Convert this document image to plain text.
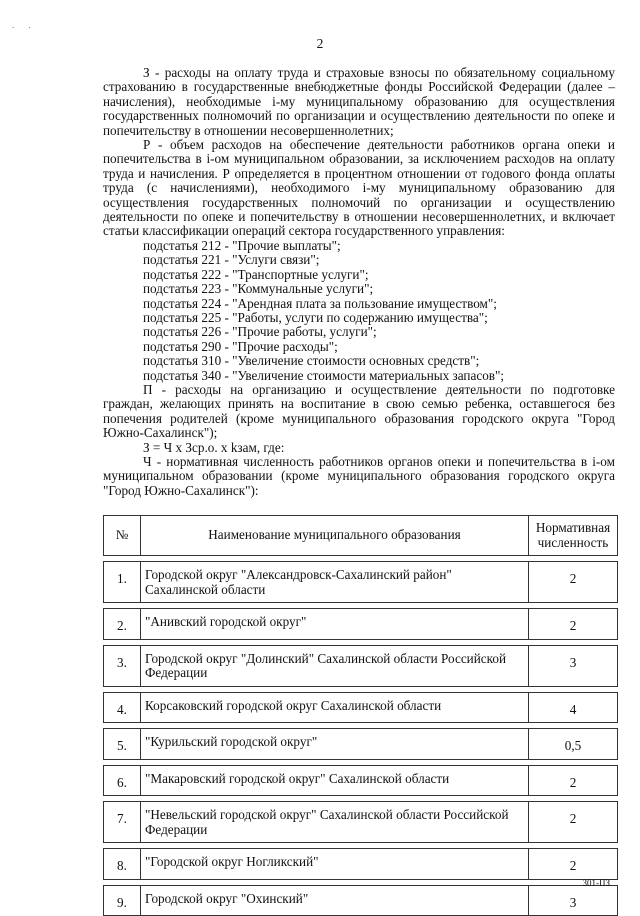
. .
2

З - расходы на оплату труда и страховые взносы по обязательному социальному страхованию в государственные внебюджетные фонды Российской Федерации (далее – начисления), необходимые i-му муниципальному образованию для осуществления государственных полномочий по организации и осуществлению деятельности по опеке и попечительству в отношении несовершеннолетних;

Р - объем расходов на обеспечение деятельности работников органа опеки и попечительства в i-ом муниципальном образовании, за исключением расходов на оплату труда и начисления. Р определяется в процентном отношении от годового фонда оплаты труда (с начислениями), необходимого i-му муниципальному образованию для осуществления государственных полномочий по организации и осуществлению деятельности по опеке и попечительству в отношении несовершеннолетних, и включает статьи классификации операций сектора государственного управления:

подстатья 212 - "Прочие выплаты";
подстатья 221 - "Услуги связи";
подстатья 222 - "Транспортные услуги";
подстатья 223 - "Коммунальные услуги";
подстатья 224 - "Арендная плата за пользование имуществом";
подстатья 225 - "Работы, услуги по содержанию имущества";
подстатья 226 - "Прочие работы, услуги";
подстатья 290 - "Прочие расходы";
подстатья 310 - "Увеличение стоимости основных средств";
подстатья 340 - "Увеличение стоимости материальных запасов";

П - расходы на организацию и осуществление деятельности по подготовке граждан, желающих принять на воспитание в свою семью ребенка, оставшегося без попечения родителей (кроме муниципального образования городского округа "Город Южно-Сахалинск");

З = Ч x Зср.о. x kзам, где:

Ч - нормативная численность работников органов опеки и попечительства в i-ом муниципальном образовании (кроме муниципального образования городского округа "Город Южно-Сахалинск"):

№	Наименование муниципального образования	Нормативная численность

1.	Городской округ "Александровск-Сахалинский район" Сахалинской области	2

2.	"Анивский городской округ"	2

3.	Городской округ "Долинский" Сахалинской области Российской Федерации	3

4.	Корсаковский городской округ Сахалинской области	4

5.	"Курильский городской округ"	0,5

6.	"Макаровский городской округ" Сахалинской области	2

7.	"Невельский городской округ" Сахалинской области Российской Федерации	2

8.	"Городской округ Ногликский"	2

9.	Городской округ "Охинский"	3
301-ПЗ
